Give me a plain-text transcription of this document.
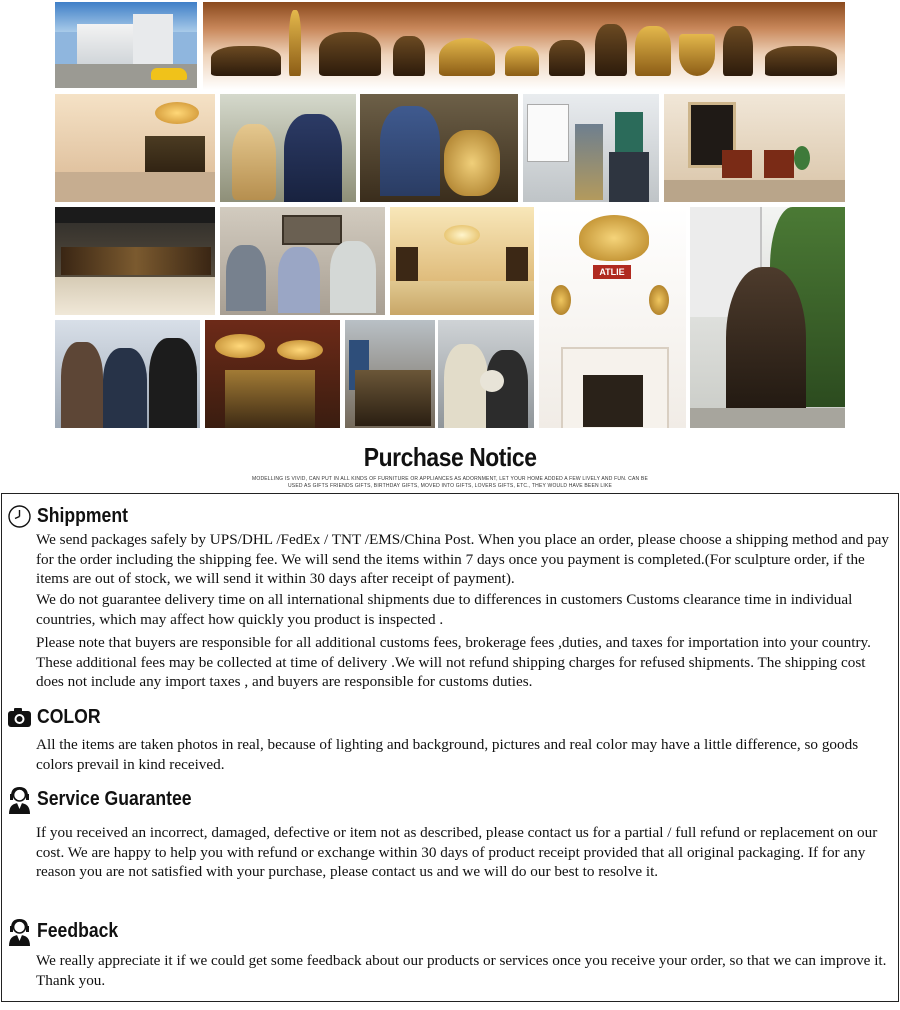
ATLIE
Purchase Notice
MODELLING IS VIVID, CAN PUT IN ALL KINDS OF FURNITURE OR APPLIANCES AS ADORNMENT, LET YOUR HOME ADDED A FEW LIVELY AND FUN. CAN BE
USED AS GIFTS FRIENDS GIFTS, BIRTHDAY GIFTS, MOVED INTO GIFTS, LOVERS GIFTS, ETC., THEY WOULD HAVE BEEN LIKE
Shippment
We send packages safely by UPS/DHL /FedEx / TNT /EMS/China Post. When you place an order, please choose a shipping method and pay for the order including the shipping fee. We will send the items within 7 days once you payment is completed.(For sculpture order, if the items are out of stock, we will send it within 30 days after receipt of payment).
We do not guarantee delivery time on all international shipments due to differences in customers Customs clearance time in individual countries, which may affect how quickly you product is inspected .
Please note that buyers are responsible for all additional customs fees, brokerage fees ,duties, and taxes for importation into your country. These additional fees may be collected at time of delivery .We will not refund shipping charges for refused shipments. The shipping cost does not include any import taxes , and buyers are responsible for customs duties.
COLOR
All the items are taken photos in real, because of lighting and background, pictures and real color may have a little difference, so goods colors prevail in kind received.
Service Guarantee
If you received an incorrect, damaged, defective or item not as described, please contact us for a partial / full refund or replacement on our cost. We are happy to help you with refund or exchange within 30 days of product receipt provided that all original packaging. If for any reason you are not satisfied with your purchase, please contact us and we will do our best to resolve it.
Feedback
We really appreciate it if we could get some feedback about our products or services once you receive your order, so that we can improve it. Thank you.
